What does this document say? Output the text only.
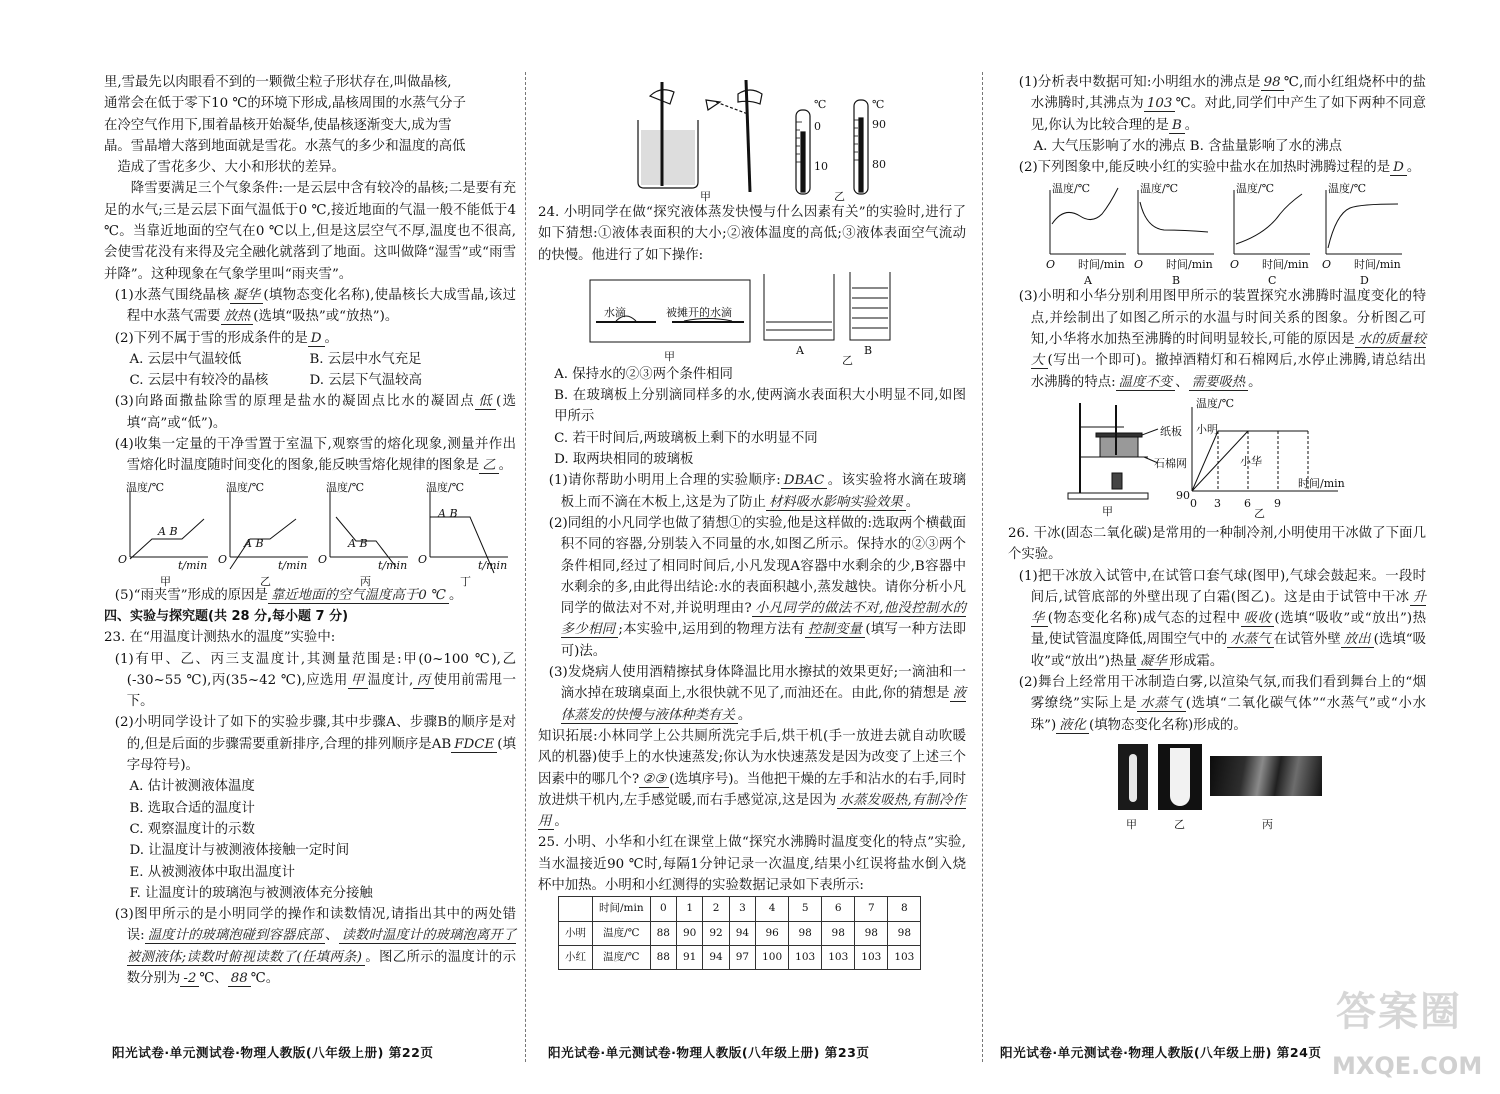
里,雪最先以肉眼看不到的一颗微尘粒子形状存在,叫做晶核,

通常会在低于零下10 ℃的环境下形成,晶核周围的水蒸气分子

在冷空气作用下,围着晶核开始凝华,使晶核逐渐变大,成为雪

晶。雪晶增大落到地面就是雪花。水蒸气的多少和温度的高低

造成了雪花多少、大小和形状的差异。

降雪要满足三个气象条件:一是云层中含有较冷的晶核;二是要有充足的水气;三是云层下面气温低于0 ℃,接近地面的气温一般不能低于4 ℃。当靠近地面的空气在0 ℃以上,但是这层空气不厚,温度也不很高,会使雪花没有来得及完全融化就落到了地面。这叫做降“湿雪”或“雨雪并降”。这种现象在气象学里叫“雨夹雪”。

(1)水蒸气围绕晶核 凝华 (填物态变化名称),使晶核长大成雪晶,该过程中水蒸气需要 放热 (选填“吸热”或“放热”)。

(2)下列不属于雪的形成条件的是 D 。

A. 云层中气温较低	B. 云层中水气充足

C. 云层中有较冷的晶核	D. 云层下气温较高

(3)向路面撒盐除雪的原理是盐水的凝固点比水的凝固点 低 (选填“高”或“低”)。

(4)收集一定量的干净雪置于室温下,观察雪的熔化现象,测量并作出雪熔化时温度随时间变化的图象,能反映雪熔化规律的图象是 乙 。

温度/℃	温度/℃	温度/℃	温度/℃
A B
A B	A B
A B
O	O	O	O
t/min	t/min	t/min	t/min
甲	乙	丙	丁

(5)“雨夹雪”形成的原因是 靠近地面的空气温度高于0 ℃ 。

四、实验与探究题(共 28 分,每小题 7 分)

23. 在“用温度计测热水的温度”实验中:

(1)有甲、乙、丙三支温度计,其测量范围是:甲(0~100 ℃),乙(-30~55 ℃),丙(35~42 ℃),应选用 甲 温度计, 丙 使用前需甩一下。

(2)小明同学设计了如下的实验步骤,其中步骤A、步骤B的顺序是对的,但是后面的步骤需要重新排序,合理的排列顺序是AB FDCE (填字母符号)。

A. 估计被测液体温度

B. 选取合适的温度计

C. 观察温度计的示数

D. 让温度计与被测液体接触一定时间

E. 从被测液体中取出温度计

F. 让温度计的玻璃泡与被测液体充分接触

(3)图甲所示的是小明同学的操作和读数情况,请指出其中的两处错误: 温度计的玻璃泡碰到容器底部 、 读数时温度计的玻璃泡离开了被测液体;读数时俯视读数了(任填两条) 。图乙所示的温度计的示数分别为 -2 ℃、 88 ℃。

℃	℃
0
10
90
80
甲	乙

24. 小明同学在做“探究液体蒸发快慢与什么因素有关”的实验时,进行了如下猜想:①液体表面积的大小;②液体温度的高低;③液体表面空气流动的快慢。他进行了如下操作:

水滴	被摊开的水滴
A	B
甲	乙

A. 保持水的②③两个条件相同

B. 在玻璃板上分别滴同样多的水,使两滴水表面积大小明显不同,如图甲所示

C. 若干时间后,两玻璃板上剩下的水明显不同

D. 取两块相同的玻璃板

(1)请你帮助小明用上合理的实验顺序: DBAC 。该实验将水滴在玻璃板上而不滴在木板上,这是为了防止 材料吸水影响实验效果 。

(2)同组的小凡同学也做了猜想①的实验,他是这样做的:选取两个横截面积不同的容器,分别装入不同量的水,如图乙所示。保持水的②③两个条件相同,经过了相同时间后,小凡发现A容器中水剩余的少,B容器中水剩余的多,由此得出结论:水的表面积越小,蒸发越快。请你分析小凡同学的做法对不对,并说明理由? 小凡同学的做法不对,他没控制水的多少相同 ;本实验中,运用到的物理方法有 控制变量 (填写一种方法即可)法。

(3)发烧病人使用酒精擦拭身体降温比用水擦拭的效果更好;一滴油和一滴水掉在玻璃桌面上,水很快就不见了,而油还在。由此,你的猜想是 液体蒸发的快慢与液体种类有关 。

知识拓展:小林同学上公共厕所洗完手后,烘干机(手一放进去就自动吹暖风的机器)使手上的水快速蒸发;你认为水快速蒸发是因为改变了上述三个因素中的哪几个? ②③ (选填序号)。当他把干燥的左手和沾水的右手,同时放进烘干机内,左手感觉暖,而右手感觉凉,这是因为 水蒸发吸热,有制冷作用 。

25. 小明、小华和小红在课堂上做“探究水沸腾时温度变化的特点”实验,当水温接近90 ℃时,每隔1分钟记录一次温度,结果小红误将盐水倒入烧杯中加热。小明和小红测得的实验数据记录如下表所示:

	时间/min	0	1	2	3	4	5	6	7	8
小明	温度/℃	88	90	92	94	96	98	98	98	98
小红	温度/℃	88	91	94	97	100	103	103	103	103

(1)分析表中数据可知:小明组水的沸点是 98 ℃,而小红组烧杯中的盐水沸腾时,其沸点为 103 ℃。对此,同学们中产生了如下两种不同意见,你认为比较合理的是 B 。

A. 大气压影响了水的沸点 B. 含盐量影响了水的沸点

(2)下列图象中,能反映小红的实验中盐水在加热时沸腾过程的是 D 。

温度/℃	温度/℃	温度/℃	温度/℃
O	O	O	O
时间/min	时间/min	时间/min	时间/min
A	B	C	D

(3)小明和小华分别利用图甲所示的装置探究水沸腾时温度变化的特点,并绘制出了如图乙所示的水温与时间关系的图象。分析图乙可知,小华将水加热至沸腾的时间明显较长,可能的原因是 水的质量较大 (写出一个即可)。撤掉酒精灯和石棉网后,水停止沸腾,请总结出水沸腾的特点: 温度不变 、 需要吸热 。

纸板
石棉网
温度/℃
小明
小华
时间/min
90
0 3 6 9
甲	乙

26. 干冰(固态二氧化碳)是常用的一种制冷剂,小明使用干冰做了下面几个实验。

(1)把干冰放入试管中,在试管口套气球(图甲),气球会鼓起来。一段时间后,试管底部的外壁出现了白霜(图乙)。这是由于试管中干冰 升华 (物态变化名称)成气态的过程中 吸收 (选填“吸收”或“放出”)热量,使试管温度降低,周围空气中的 水蒸气 在试管外壁 放出 (选填“吸收”或“放出”)热量 凝华 形成霜。

(2)舞台上经常用干冰制造白雾,以渲染气氛,而我们看到舞台上的“烟雾缭绕”实际上是 水蒸气 (选填“二氧化碳气体”“水蒸气”或“小水珠”) 液化 (填物态变化名称)形成的。

甲	乙	丙
阳光试卷·单元测试卷·物理人教版(八年级上册) 第22页	阳光试卷·单元测试卷·物理人教版(八年级上册) 第23页	阳光试卷·单元测试卷·物理人教版(八年级上册) 第24页
答案圈
MXQE.COM
